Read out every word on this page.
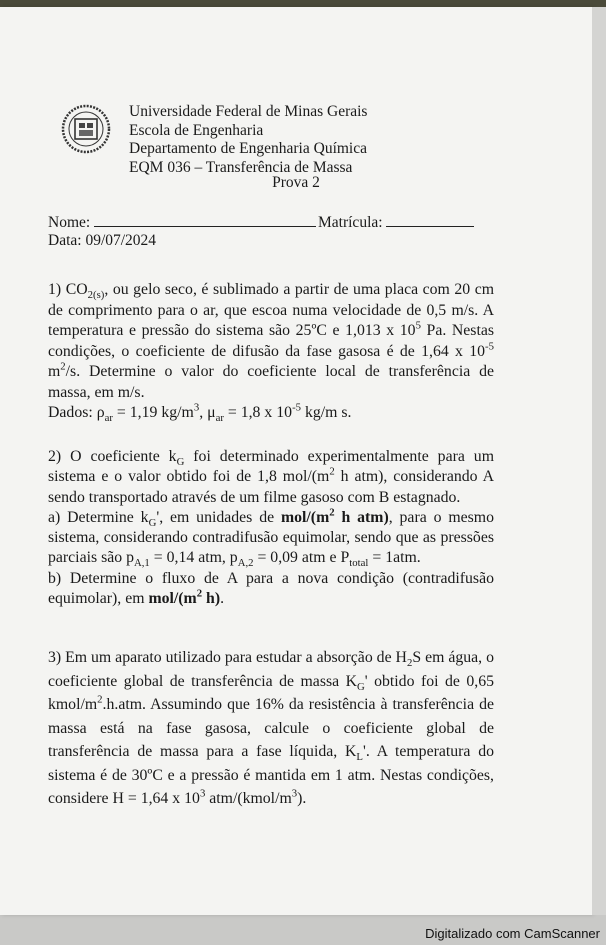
Universidade Federal de Minas Gerais
Escola de Engenharia
Departamento de Engenharia Química
EQM 036 – Transferência de Massa
Prova 2
Nome:	Matrícula:
Data: 09/07/2024

1) $CO_{2(s)}$, ou gelo seco, é sublimado a partir de uma placa com 20 cm de comprimento para o ar, que escoa numa velocidade de 0,5 m/s. A temperatura e pressão do sistema são 25ºC e 1,013 x $10^5$ Pa. Nestas condições, o coeficiente de difusão da fase gasosa é de 1,64 x $10^{-5}$ $m^2/s$. Determine o valor do coeficiente local de transferência de massa, em m/s.

Dados: $\rho_{ar} = 1,19$ $kg/m^3$, $\mu_{ar} = 1,8$ x $10^{-5}$ kg/m s.

2) O coeficiente $k_G$ foi determinado experimentalmente para um sistema e o valor obtido foi de 1,8 mol/($m^2$ h atm), considerando A sendo transportado através de um filme gasoso com B estagnado.

a) Determine $k_G'$, em unidades de mol/($m^2$ h atm), para o mesmo sistema, considerando contradifusão equimolar, sendo que as pressões parciais são $p_{A,1} = 0,14$ atm, $p_{A,2} = 0,09$ atm e $P_{total} = 1atm$.

b) Determine o fluxo de A para a nova condição (contradifusão equimolar), em mol/($m^2$ h).

3) Em um aparato utilizado para estudar a absorção de $H_2S$ em água, o coeficiente global de transferência de massa $K_G'$ obtido foi de 0,65 kmol/$m^2.h.atm$. Assumindo que 16% da resistência à transferência de massa está na fase gasosa, calcule o coeficiente global de transferência de massa para a fase líquida, $K_L'$. A temperatura do sistema é de 30ºC e a pressão é mantida em 1 atm. Nestas condições, considere H = 1,64 x $10^3$ atm/$(kmol/m^3)$.

Digitalizado com CamScanner
